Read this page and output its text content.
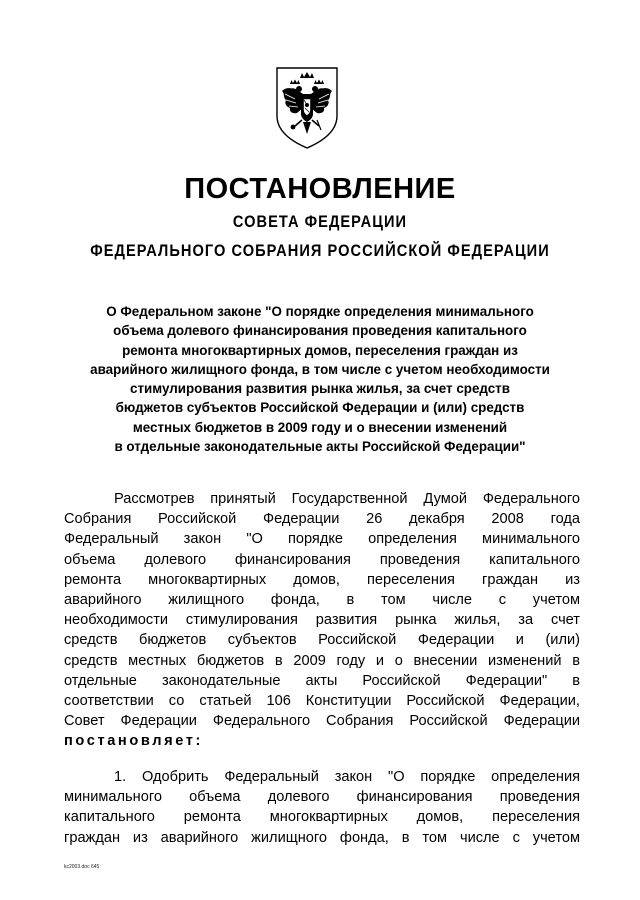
ПОСТАНОВЛЕНИЕ
СОВЕТА ФЕДЕРАЦИИ
ФЕДЕРАЛЬНОГО СОБРАНИЯ РОССИЙСКОЙ ФЕДЕРАЦИИ
О Федеральном законе "О порядке определения минимального
объема долевого финансирования проведения капитального
ремонта многоквартирных домов, переселения граждан из
аварийного жилищного фонда, в том числе с учетом необходимости
стимулирования развития рынка жилья, за счет средств
бюджетов субъектов Российской Федерации и (или) средств
местных бюджетов в 2009 году и о внесении изменений
в отдельные законодательные акты Российской Федерации"
Рассмотрев принятый Государственной Думой Федерального
Собрания Российской Федерации 26 декабря 2008 года
Федеральный закон "О порядке определения минимального
объема долевого финансирования проведения капитального
ремонта многоквартирных домов, переселения граждан из
аварийного жилищного фонда, в том числе с учетом
необходимости стимулирования развития рынка жилья, за счет
средств бюджетов субъектов Российской Федерации и (или)
средств местных бюджетов в 2009 году и о внесении изменений в
отдельные законодательные акты Российской Федерации" в
соответствии со статьей 106 Конституции Российской Федерации,
Совет Федерации Федерального Собрания Российской Федерации
постановляет:
1. Одобрить Федеральный закон "О порядке определения
минимального объема долевого финансирования проведения
капитального ремонта многоквартирных домов, переселения
граждан из аварийного жилищного фонда, в том числе с учетом
kc2003.doc 645
